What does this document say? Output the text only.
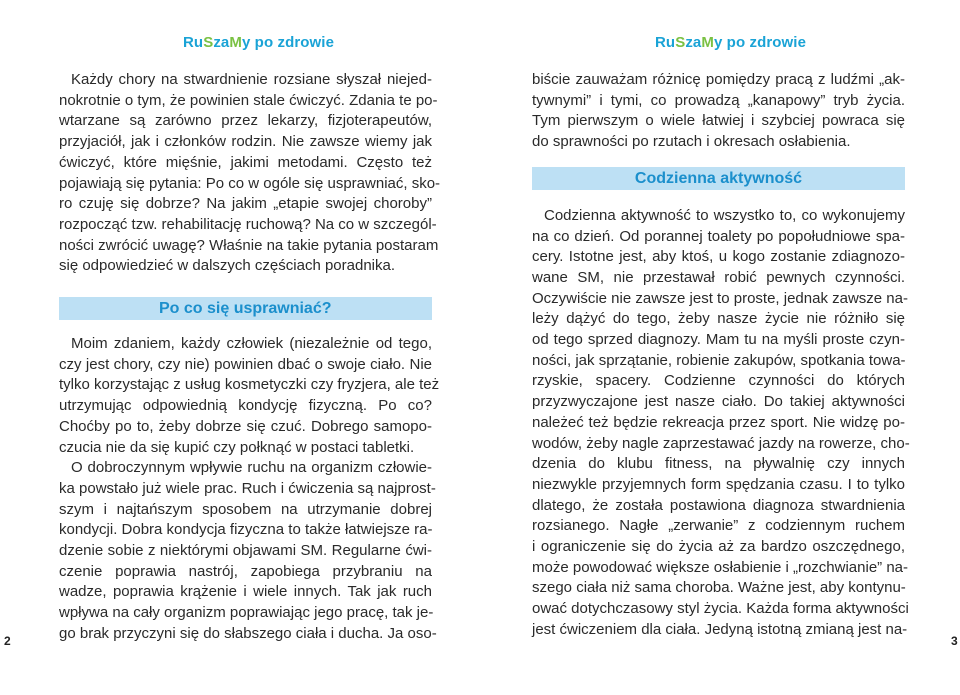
RuSzaMy po zdrowie
Każdy chory na stwardnienie rozsiane słyszał niejed-
nokrotnie o tym, że powinien stale ćwiczyć. Zdania te po-
wtarzane są zarówno przez lekarzy, fizjoterapeutów,
przyjaciół, jak i członków rodzin. Nie zawsze wiemy jak
ćwiczyć, które mięśnie, jakimi metodami. Często też
pojawiają się pytania: Po co w ogóle się usprawniać, sko-
ro czuję się dobrze? Na jakim „etapie swojej choroby”
rozpocząć tzw. rehabilitację ruchową? Na co w szczegól-
ności zwrócić uwagę? Właśnie na takie pytania postaram
się odpowiedzieć w dalszych częściach poradnika.
Po co się usprawniać?
Moim zdaniem, każdy człowiek (niezależnie od tego,
czy jest chory, czy nie) powinien dbać o swoje ciało. Nie
tylko korzystając z usług kosmetyczki czy fryzjera, ale też
utrzymując odpowiednią kondycję fizyczną. Po co?
Choćby po to, żeby dobrze się czuć. Dobrego samopo-
czucia nie da się kupić czy połknąć w postaci tabletki.
O dobroczynnym wpływie ruchu na organizm człowie-
ka powstało już wiele prac. Ruch i ćwiczenia są najprost-
szym i najtańszym sposobem na utrzymanie dobrej
kondycji. Dobra kondycja fizyczna to także łatwiejsze ra-
dzenie sobie z niektórymi objawami SM. Regularne ćwi-
czenie poprawia nastrój, zapobiega przybraniu na
wadze, poprawia krążenie i wiele innych. Tak jak ruch
wpływa na cały organizm poprawiając jego pracę, tak je-
go brak przyczyni się do słabszego ciała i ducha. Ja oso-
2
RuSzaMy po zdrowie
biście zauważam różnicę pomiędzy pracą z ludźmi „ak-
tywnymi” i tymi, co prowadzą „kanapowy” tryb życia.
Tym pierwszym o wiele łatwiej i szybciej powraca się
do sprawności po rzutach i okresach osłabienia.
Codzienna aktywność
Codzienna aktywność to wszystko to, co wykonujemy
na co dzień. Od porannej toalety po popołudniowe spa-
cery. Istotne jest, aby ktoś, u kogo zostanie zdiagnozo-
wane SM, nie przestawał robić pewnych czynności.
Oczywiście nie zawsze jest to proste, jednak zawsze na-
leży dążyć do tego, żeby nasze życie nie różniło się
od tego sprzed diagnozy. Mam tu na myśli proste czyn-
ności, jak sprzątanie, robienie zakupów, spotkania towa-
rzyskie, spacery. Codzienne czynności do których
przyzwyczajone jest nasze ciało. Do takiej aktywności
należeć też będzie rekreacja przez sport. Nie widzę po-
wodów, żeby nagle zaprzestawać jazdy na rowerze, cho-
dzenia do klubu fitness, na pływalnię czy innych
niezwykle przyjemnych form spędzania czasu. I to tylko
dlatego, że została postawiona diagnoza stwardnienia
rozsianego. Nagłe „zerwanie” z codziennym ruchem
i ograniczenie się do życia aż za bardzo oszczędnego,
może powodować większe osłabienie i „rozchwianie” na-
szego ciała niż sama choroba. Ważne jest, aby kontynu-
ować dotychczasowy styl życia. Każda forma aktywności
jest ćwiczeniem dla ciała. Jedyną istotną zmianą jest na-
3
